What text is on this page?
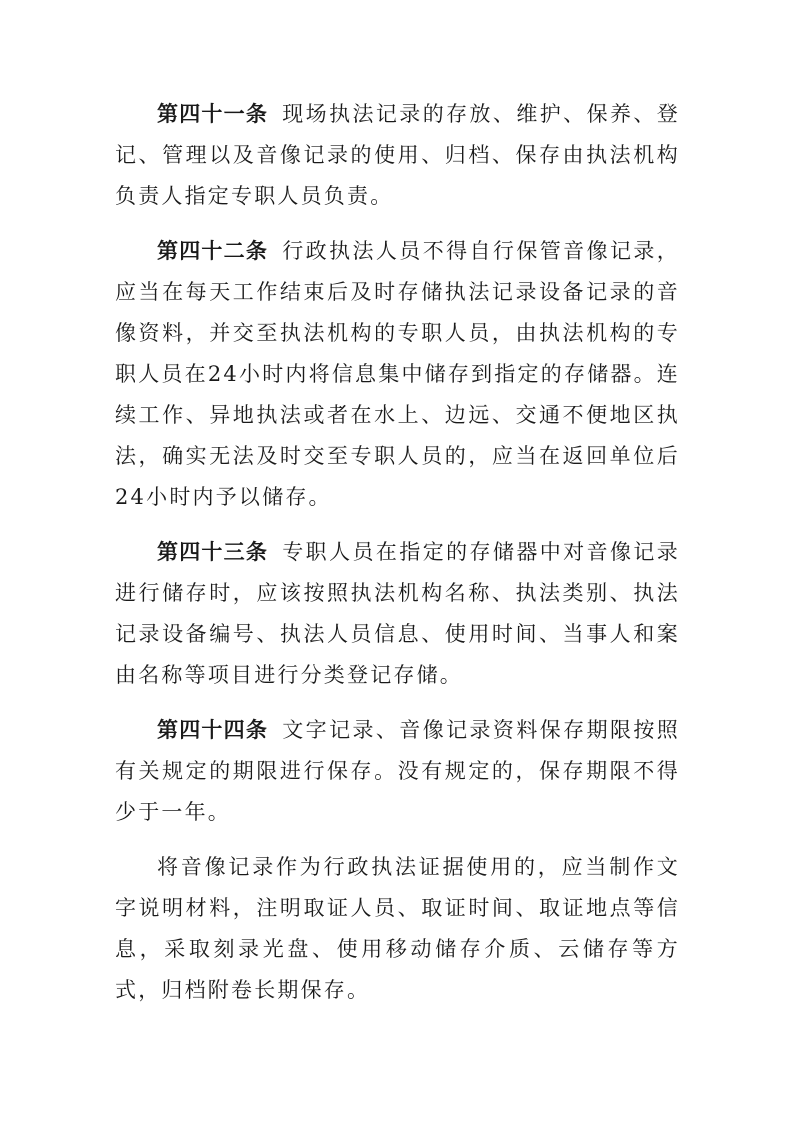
第四十一条 现场执法记录的存放、维护、保养、登记、管理以及音像记录的使用、归档、保存由执法机构负责人指定专职人员负责。

第四十二条 行政执法人员不得自行保管音像记录，应当在每天工作结束后及时存储执法记录设备记录的音像资料，并交至执法机构的专职人员，由执法机构的专职人员在24小时内将信息集中储存到指定的存储器。连续工作、异地执法或者在水上、边远、交通不便地区执法，确实无法及时交至专职人员的，应当在返回单位后24小时内予以储存。

第四十三条 专职人员在指定的存储器中对音像记录进行储存时，应该按照执法机构名称、执法类别、执法记录设备编号、执法人员信息、使用时间、当事人和案由名称等项目进行分类登记存储。

第四十四条 文字记录、音像记录资料保存期限按照有关规定的期限进行保存。没有规定的，保存期限不得少于一年。

将音像记录作为行政执法证据使用的，应当制作文字说明材料，注明取证人员、取证时间、取证地点等信息，采取刻录光盘、使用移动储存介质、云储存等方式，归档附卷长期保存。
